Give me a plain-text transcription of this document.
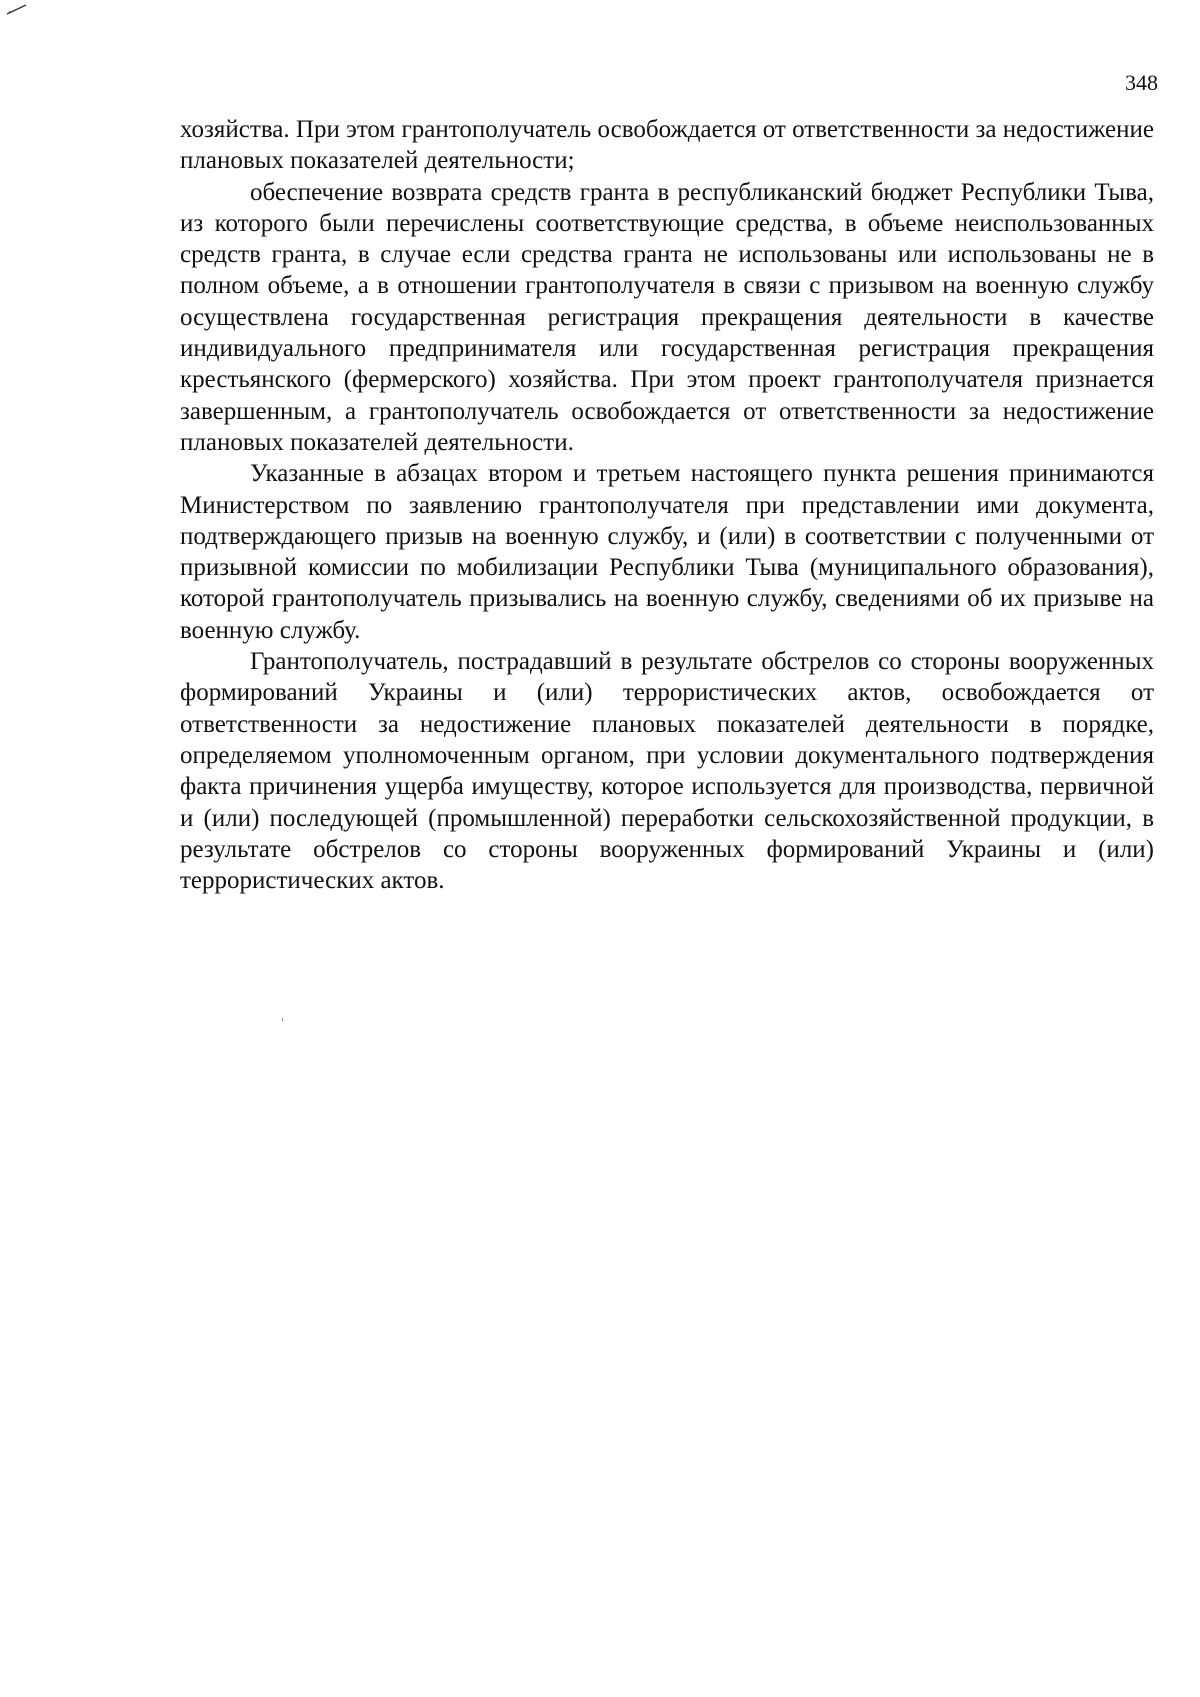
348

хозяйства. При этом грантополучатель освобождается от ответственности за недостижение плановых показателей деятельности;

обеспечение возврата средств гранта в республиканский бюджет Республики Тыва, из которого были перечислены соответствующие средства, в объеме неиспользованных средств гранта, в случае если средства гранта не использованы или использованы не в полном объеме, а в отношении грантополучателя в связи с призывом на военную службу осуществлена государственная регистрация прекращения деятельности в качестве индивидуального предпринимателя или государственная регистрация прекращения крестьянского (фермерского) хозяйства. При этом проект грантополучателя признается завершенным, а грантополучатель освобождается от ответственности за недостижение плановых показателей деятельности.

Указанные в абзацах втором и третьем настоящего пункта решения принимаются Министерством по заявлению грантополучателя при представлении ими документа, подтверждающего призыв на военную службу, и (или) в соответствии с полученными от призывной комиссии по мобилизации Республики Тыва (муниципального образования), которой грантополучатель призывались на военную службу, сведениями об их призыве на военную службу.

Грантополучатель, пострадавший в результате обстрелов со стороны вооруженных формирований Украины и (или) террористических актов, освобождается от ответственности за недостижение плановых показателей деятельности в порядке, определяемом уполномоченным органом, при условии документального подтверждения факта причинения ущерба имуществу, которое используется для производства, первичной и (или) последующей (промышленной) переработки сельскохозяйственной продукции, в результате обстрелов со стороны вооруженных формирований Украины и (или) террористических актов.
